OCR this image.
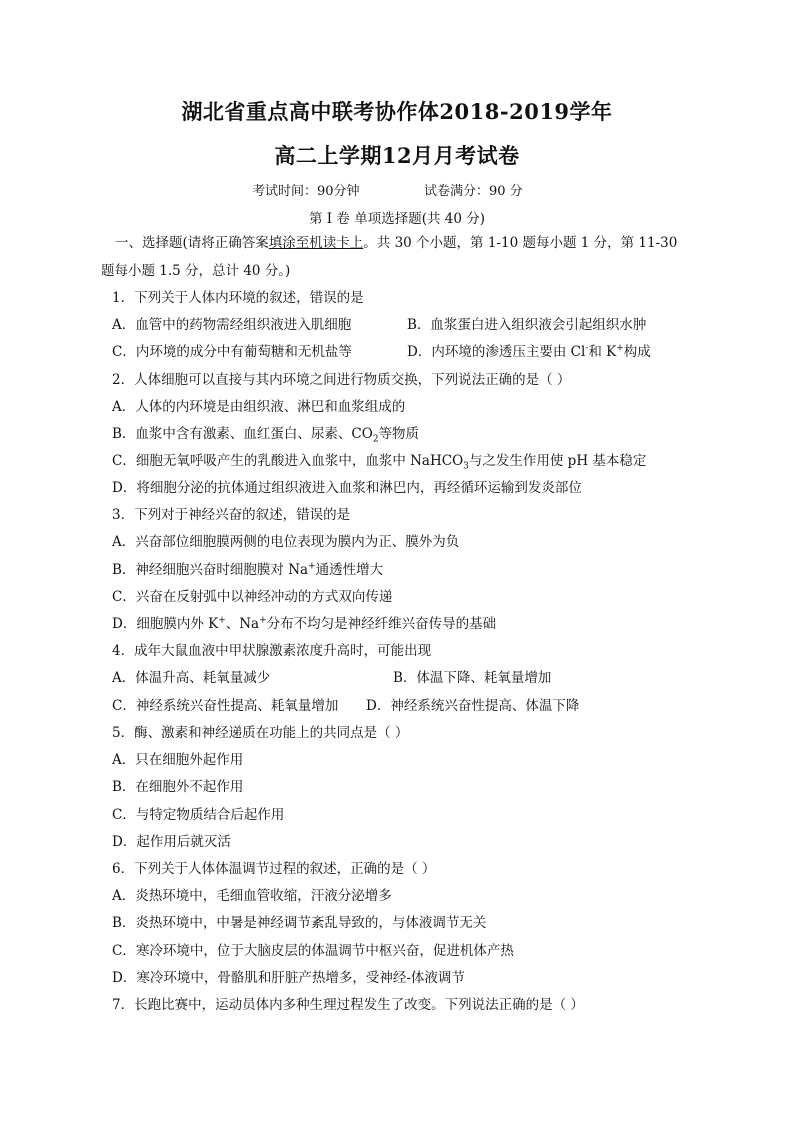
湖北省重点高中联考协作体2018-2019学年
高二上学期12月月考试卷
考试时间：90分钟	试卷满分：90 分
第 I 卷 单项选择题(共 40 分)
一、选择题(请将正确答案填涂至机读卡上。共 30 个小题，第 1-10 题每小题 1 分，第 11-30
题每小题 1.5 分，总计 40 分。)
1．下列关于人体内环境的叙述，错误的是
A．血管中的药物需经组织液进入肌细胞	B．血浆蛋白进入组织液会引起组织水肿
C．内环境的成分中有葡萄糖和无机盐等	D．内环境的渗透压主要由 Cl-和 K+构成
2．人体细胞可以直接与其内环境之间进行物质交换，下列说法正确的是（ ）
A．人体的内环境是由组织液、淋巴和血浆组成的
B．血浆中含有激素、血红蛋白、尿素、$CO_2$等物质
C．细胞无氧呼吸产生的乳酸进入血浆中，血浆中 NaHCO$_3$与之发生作用使 pH 基本稳定
D．将细胞分泌的抗体通过组织液进入血浆和淋巴内，再经循环运输到发炎部位
3．下列对于神经兴奋的叙述，错误的是
A．兴奋部位细胞膜两侧的电位表现为膜内为正、膜外为负
B．神经细胞兴奋时细胞膜对 Na+通透性增大
C．兴奋在反射弧中以神经冲动的方式双向传递
D．细胞膜内外 K+、Na+分布不均匀是神经纤维兴奋传导的基础
4．成年大鼠血液中甲状腺激素浓度升高时，可能出现
A．体温升高、耗氧量减少	B．体温下降、耗氧量增加
C．神经系统兴奋性提高、耗氧量增加 D．神经系统兴奋性提高、体温下降
5．酶、激素和神经递质在功能上的共同点是（ ）
A．只在细胞外起作用
B．在细胞外不起作用
C．与特定物质结合后起作用
D．起作用后就灭活
6．下列关于人体体温调节过程的叙述，正确的是（ ）
A．炎热环境中，毛细血管收缩，汗液分泌增多
B．炎热环境中，中暑是神经调节紊乱导致的，与体液调节无关
C．寒冷环境中，位于大脑皮层的体温调节中枢兴奋，促进机体产热
D．寒冷环境中，骨骼肌和肝脏产热增多，受神经-体液调节
7．长跑比赛中，运动员体内多种生理过程发生了改变。下列说法正确的是（ ）
